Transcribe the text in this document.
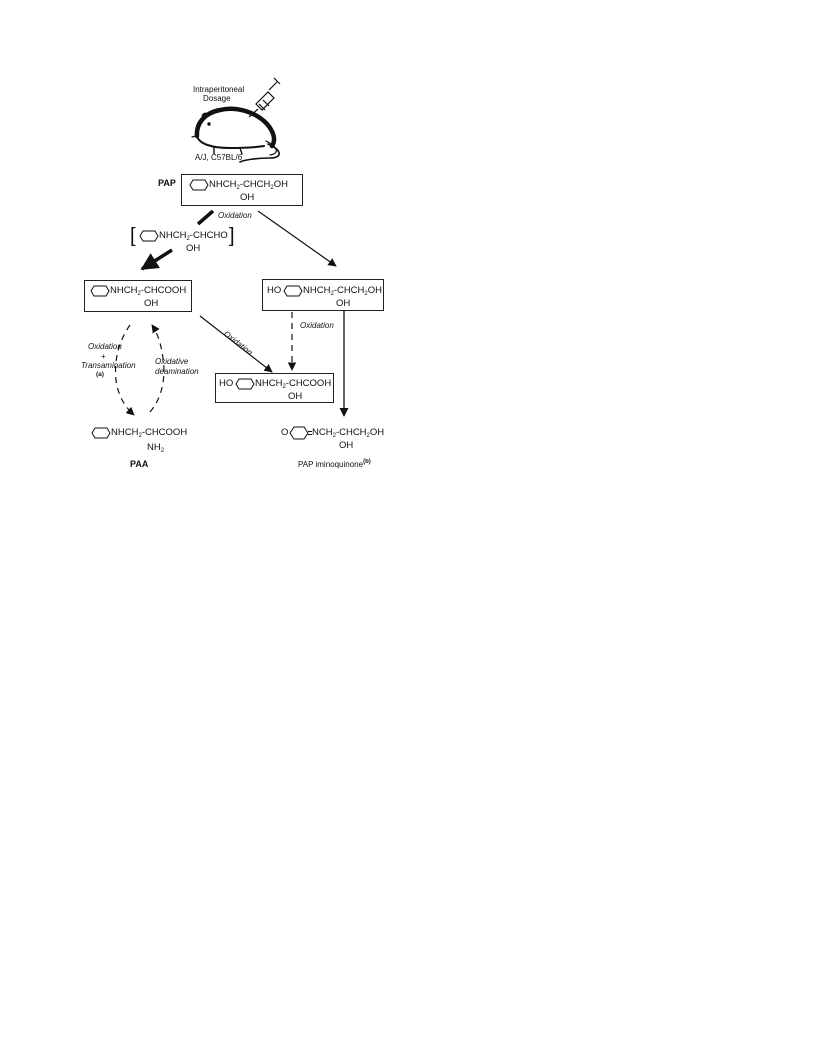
Intraperitoneal
Dosage
A/J, C57BL/6
PAP	$NHCH_2-CHCH_2OH$
OH
Oxidation
[ $NHCH_2$-CHCHO
OH
]
$NHCH_2$-CHCOOH
OH
HO $NHCH_2-CHCH_2OH$
OH
Oxidation
Oxidation
Oxidation
+
Transamination
(a)
Oxidative
deamination
HO $NHCH_2$-CHCOOH
OH
$NHCH_2$-CHCOOH
$NH_2$
PAA
O $NCH_2-CHCH_2OH$
OH
PAP iminoquinone$^{(b)}$
